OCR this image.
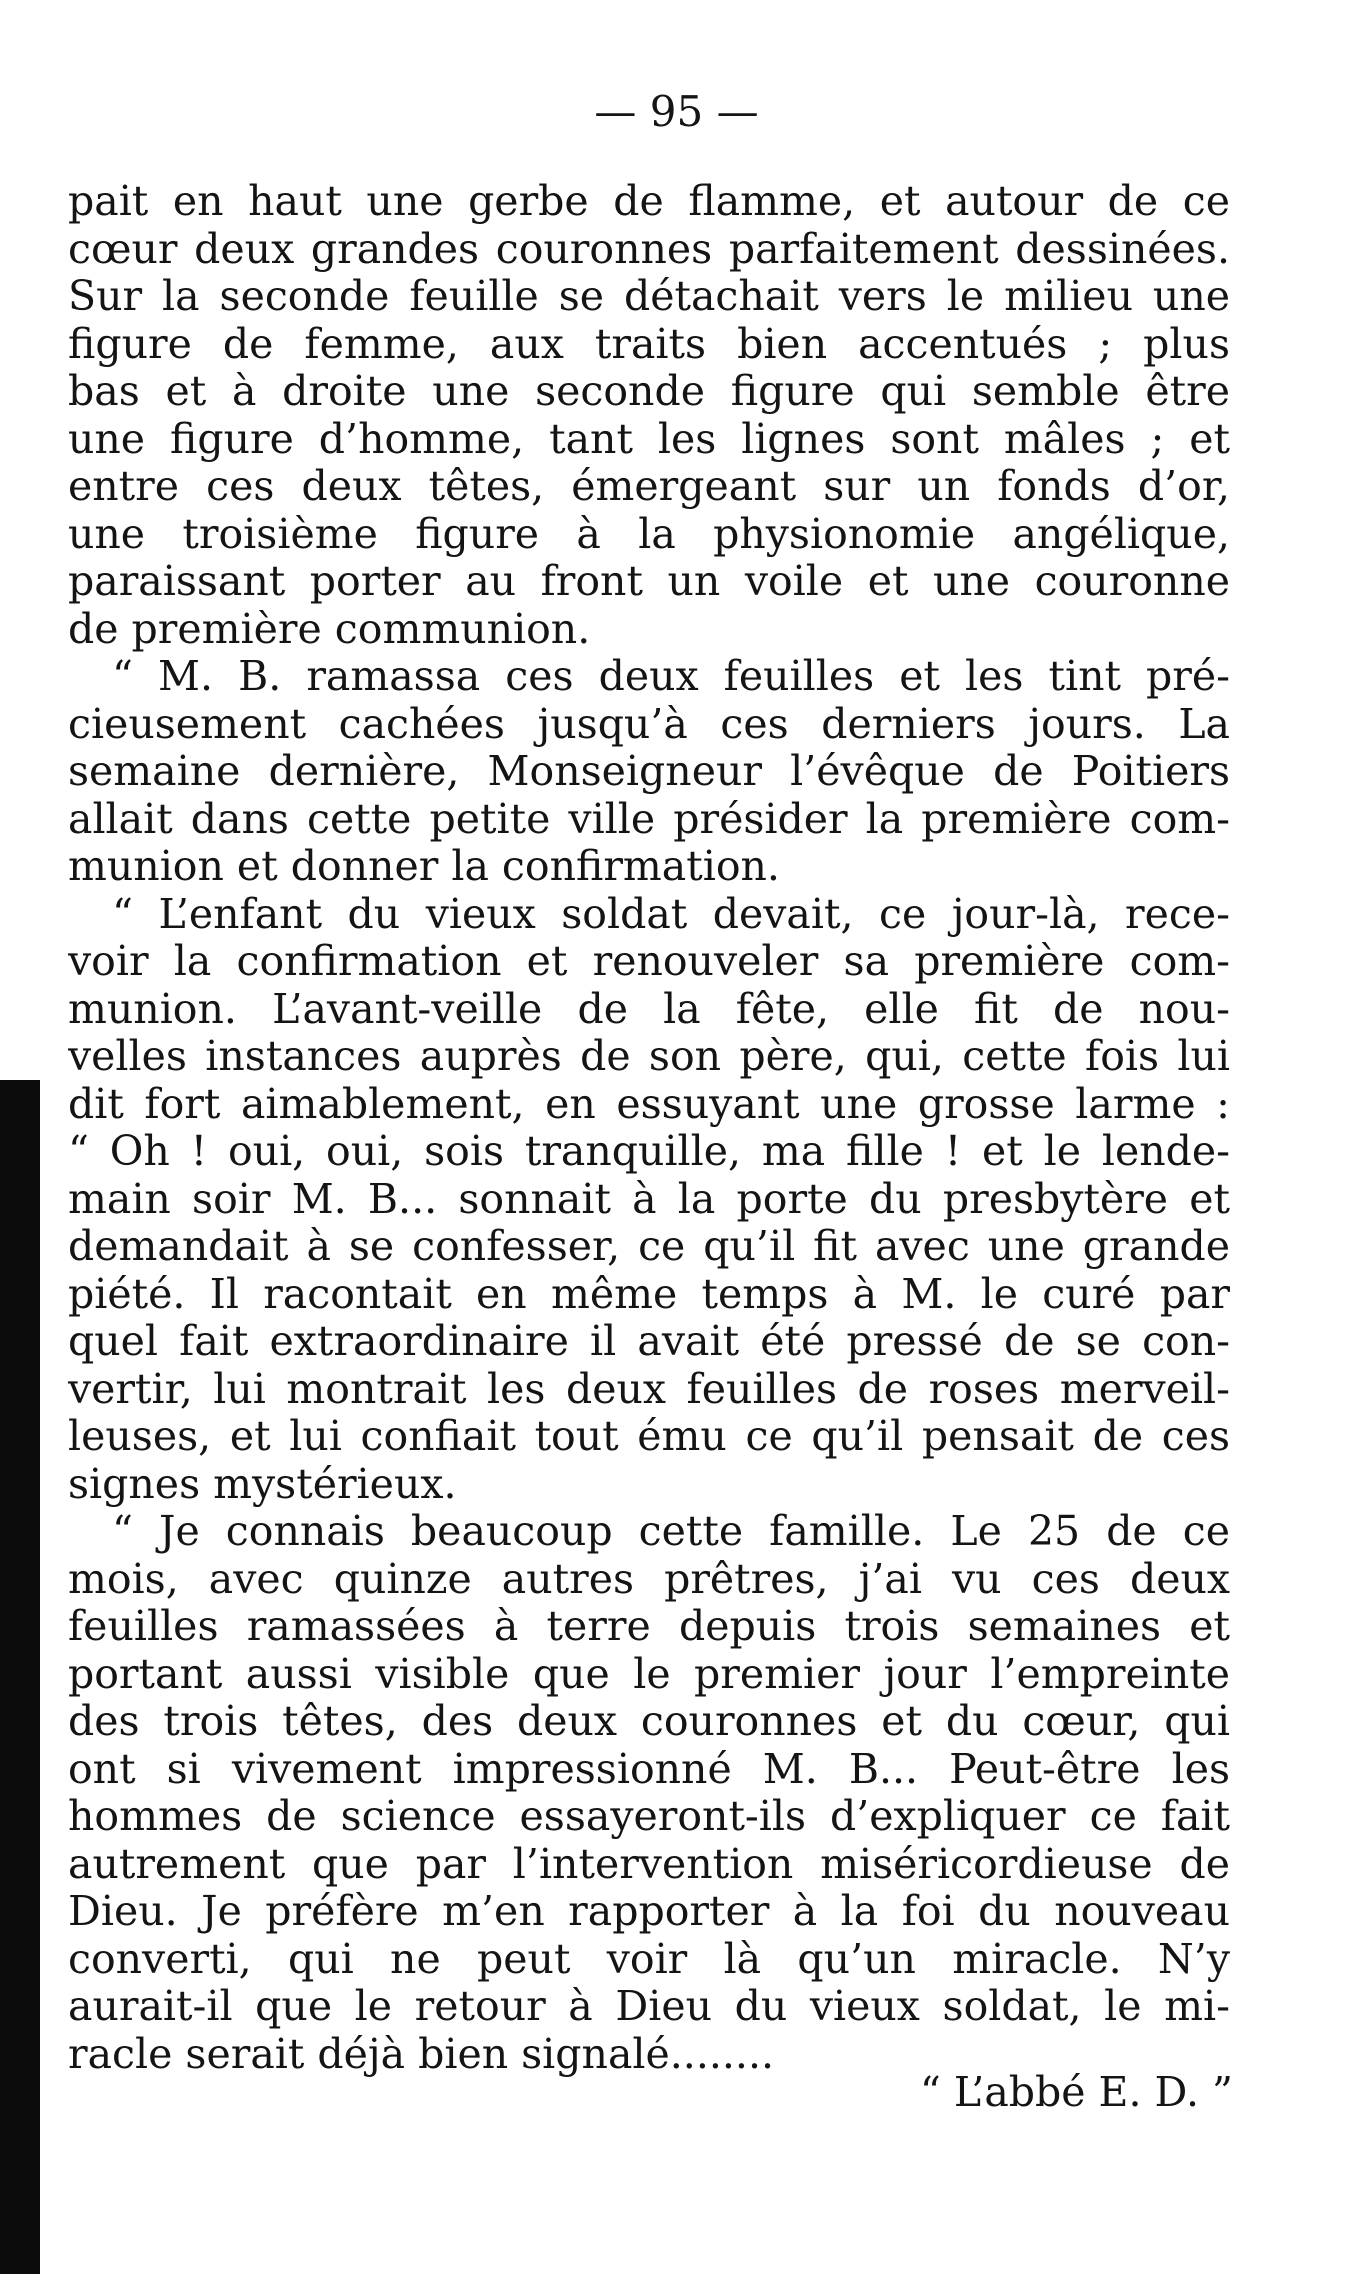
— 95 —
pait en haut une gerbe de flamme, et autour de ce
cœur deux grandes couronnes parfaitement dessinées.
Sur la seconde feuille se détachait vers le milieu une
figure de femme, aux traits bien accentués ; plus
bas et à droite une seconde figure qui semble être
une figure d’homme, tant les lignes sont mâles ; et
entre ces deux têtes, émergeant sur un fonds d’or,
une troisième figure à la physionomie angélique,
paraissant porter au front un voile et une couronne
de première communion.
“ M. B. ramassa ces deux feuilles et les tint pré-
cieusement cachées jusqu’à ces derniers jours. La
semaine dernière, Monseigneur l’évêque de Poitiers
allait dans cette petite ville présider la première com-
munion et donner la confirmation.
“ L’enfant du vieux soldat devait, ce jour-là, rece-
voir la confirmation et renouveler sa première com-
munion. L’avant-veille de la fête, elle fit de nou-
velles instances auprès de son père, qui, cette fois lui
dit fort aimablement, en essuyant une grosse larme :
“ Oh ! oui, oui, sois tranquille, ma fille ! et le lende-
main soir M. B... sonnait à la porte du presbytère et
demandait à se confesser, ce qu’il fit avec une grande
piété. Il racontait en même temps à M. le curé par
quel fait extraordinaire il avait été pressé de se con-
vertir, lui montrait les deux feuilles de roses merveil-
leuses, et lui confiait tout ému ce qu’il pensait de ces
signes mystérieux.
“ Je connais beaucoup cette famille. Le 25 de ce
mois, avec quinze autres prêtres, j’ai vu ces deux
feuilles ramassées à terre depuis trois semaines et
portant aussi visible que le premier jour l’empreinte
des trois têtes, des deux couronnes et du cœur, qui
ont si vivement impressionné M. B... Peut-être les
hommes de science essayeront-ils d’expliquer ce fait
autrement que par l’intervention miséricordieuse de
Dieu. Je préfère m’en rapporter à la foi du nouveau
converti, qui ne peut voir là qu’un miracle. N’y
aurait-il que le retour à Dieu du vieux soldat, le mi-
racle serait déjà bien signalé........
“ L’abbé E. D. ”
